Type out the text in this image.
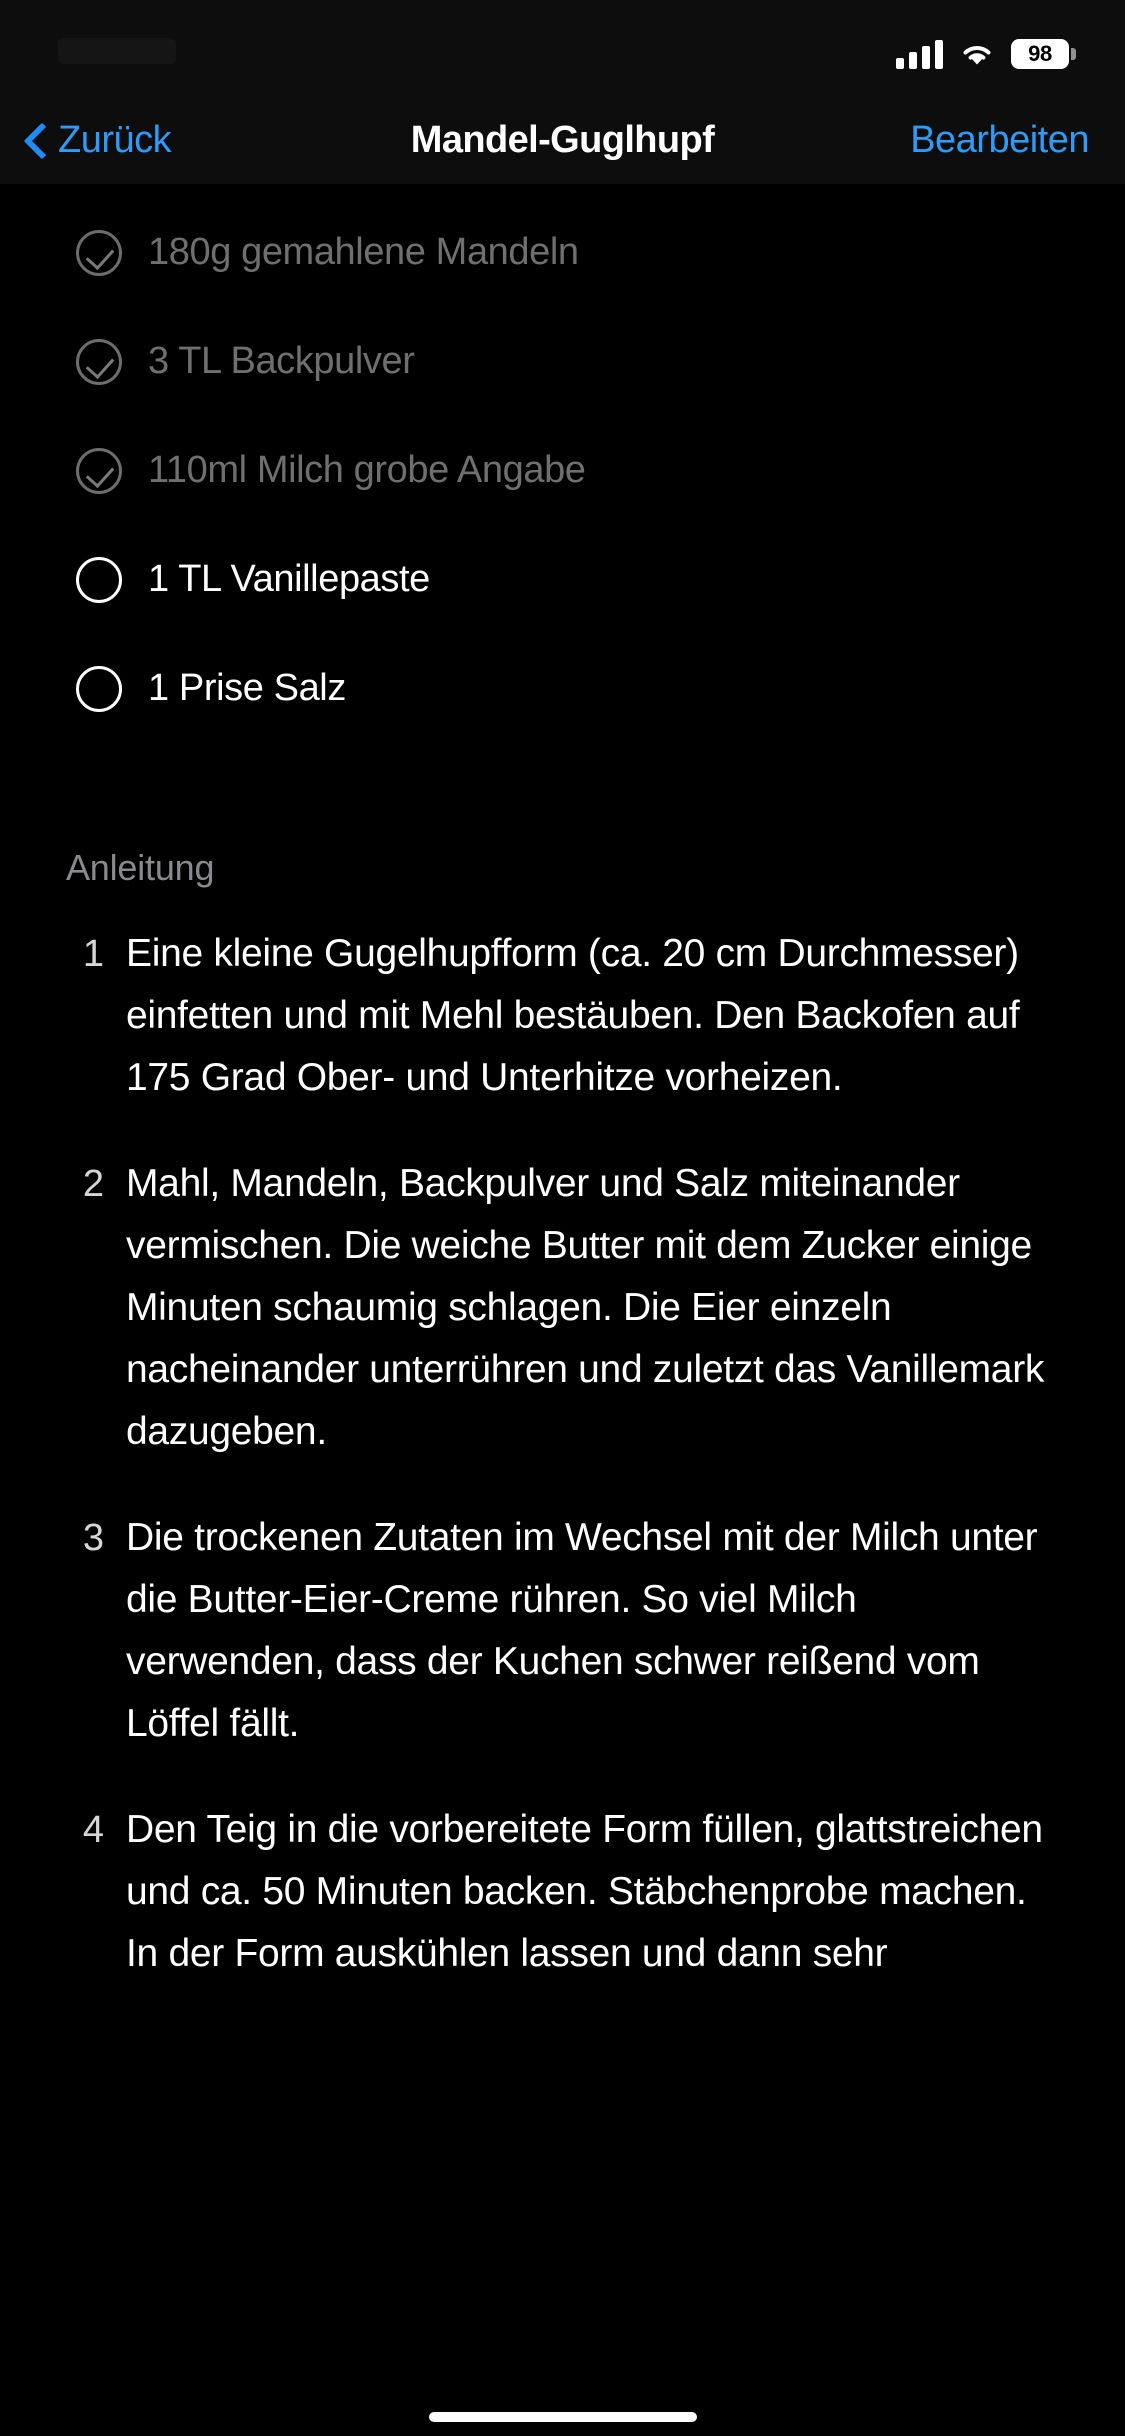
98
Zurück	Mandel-Guglhupf	Bearbeiten
180g gemahlene Mandeln
3 TL Backpulver
110ml Milch grobe Angabe
1 TL Vanillepaste
1 Prise Salz
Anleitung
1 Eine kleine Gugelhupfform (ca. 20 cm Durchmesser) einfetten und mit Mehl bestäuben. Den Backofen auf 175 Grad Ober- und Unterhitze vorheizen.
2 Mahl, Mandeln, Backpulver und Salz miteinander vermischen. Die weiche Butter mit dem Zucker einige Minuten schaumig schlagen. Die Eier einzeln nacheinander unterrühren und zuletzt das Vanillemark dazugeben.
3 Die trockenen Zutaten im Wechsel mit der Milch unter die Butter-Eier-Creme rühren. So viel Milch verwenden, dass der Kuchen schwer reißend vom Löffel fällt.
4 Den Teig in die vorbereitete Form füllen, glattstreichen und ca. 50 Minuten backen. Stäbchenprobe machen. In der Form auskühlen lassen und dann sehr
